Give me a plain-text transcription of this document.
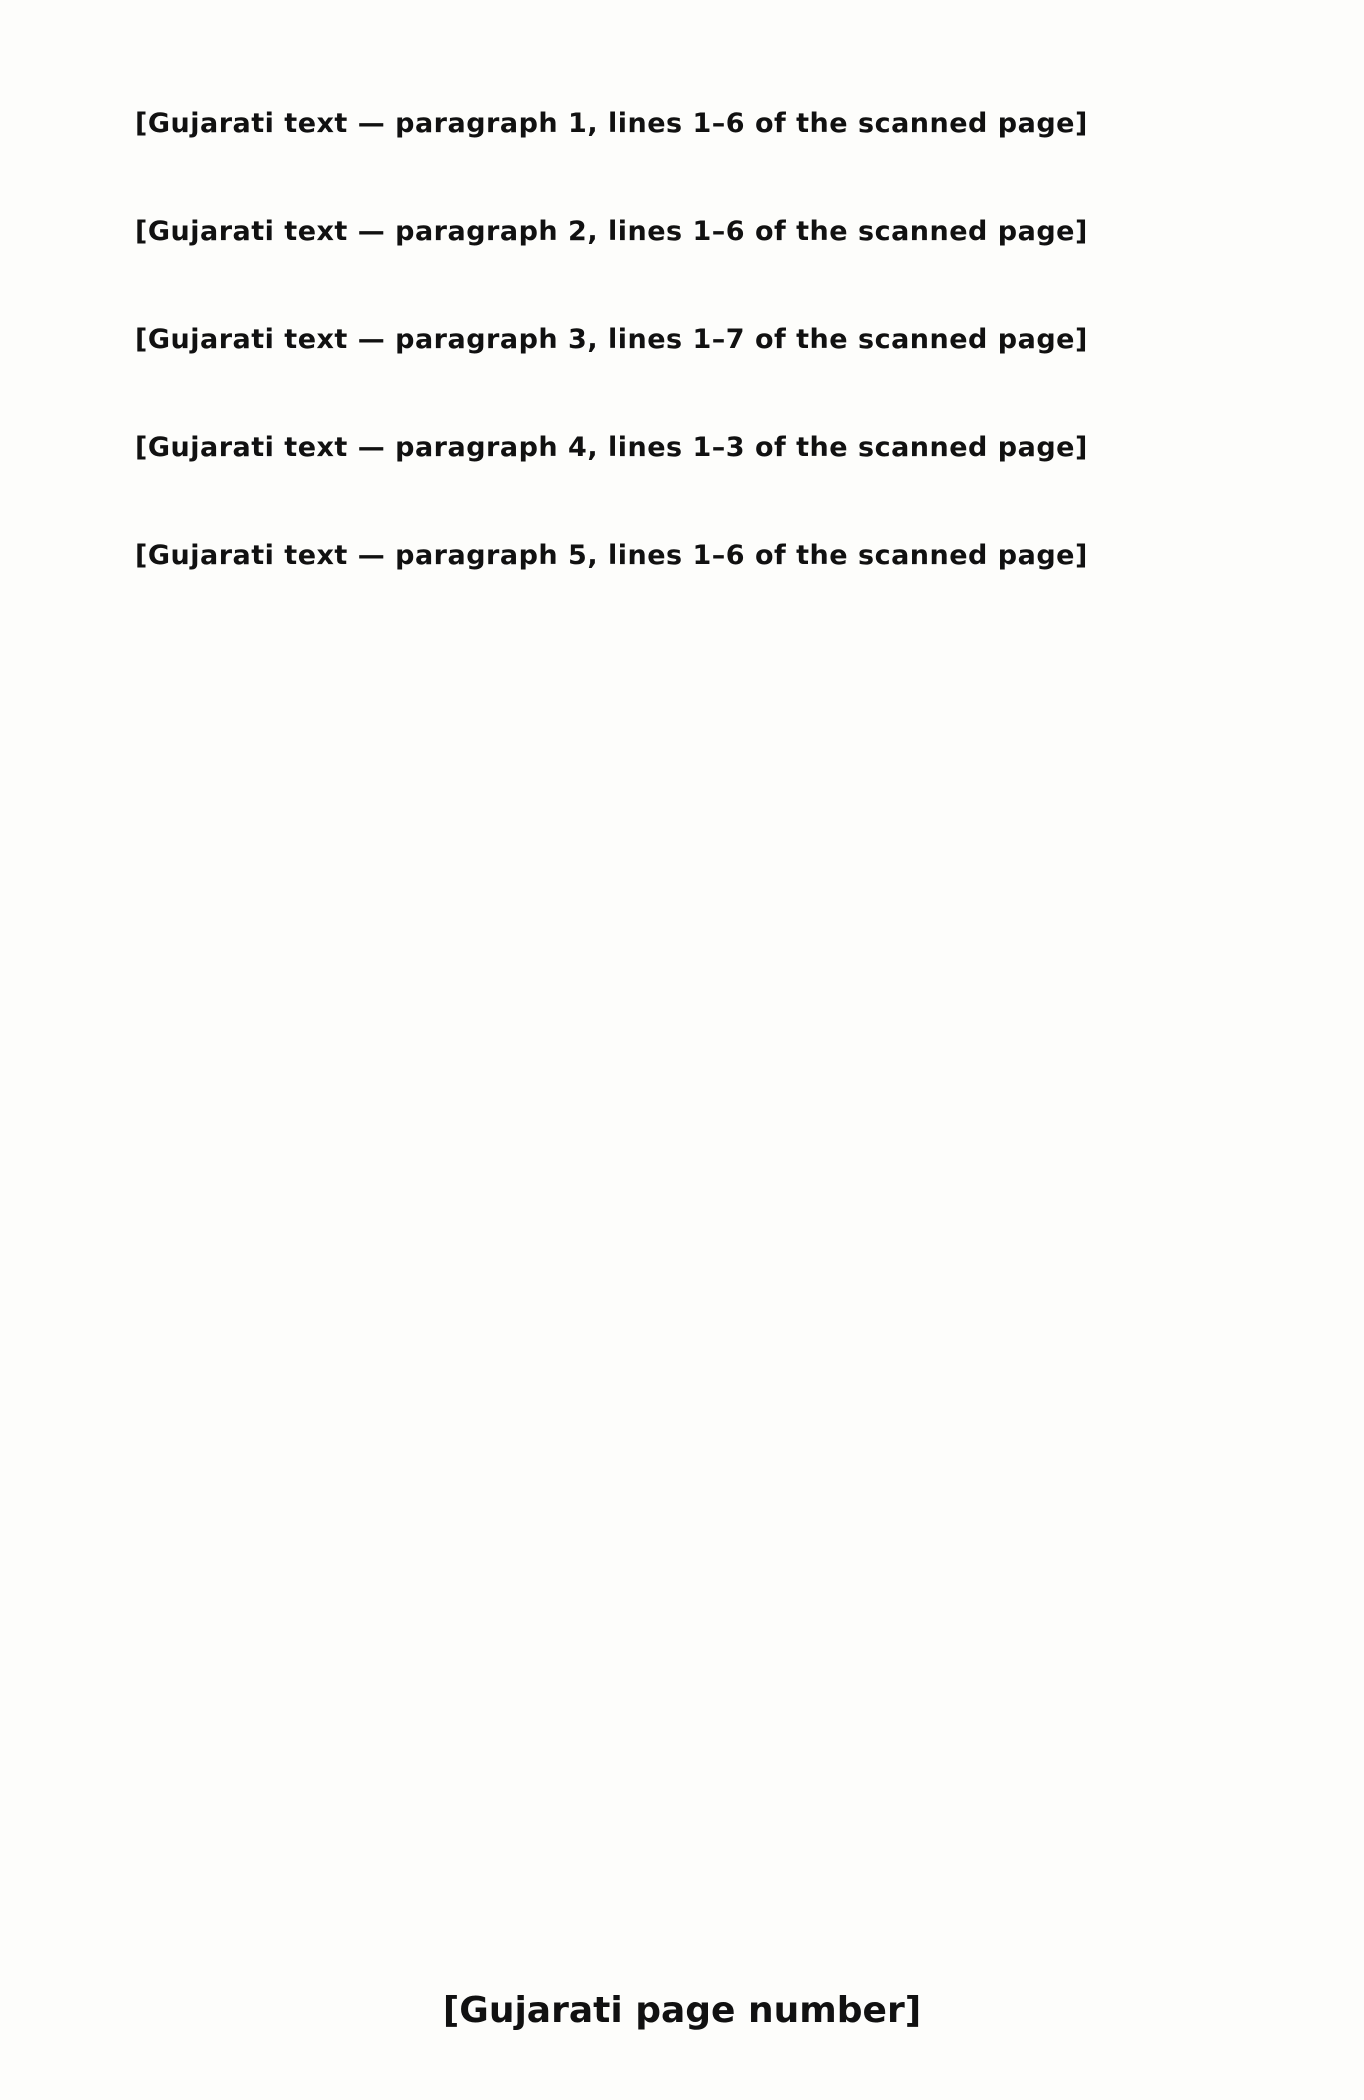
[Gujarati text — paragraph 1, lines 1–6 of the scanned page]

[Gujarati text — paragraph 2, lines 1–6 of the scanned page]

[Gujarati text — paragraph 3, lines 1–7 of the scanned page]

[Gujarati text — paragraph 4, lines 1–3 of the scanned page]

[Gujarati text — paragraph 5, lines 1–6 of the scanned page]

[Gujarati page number]
